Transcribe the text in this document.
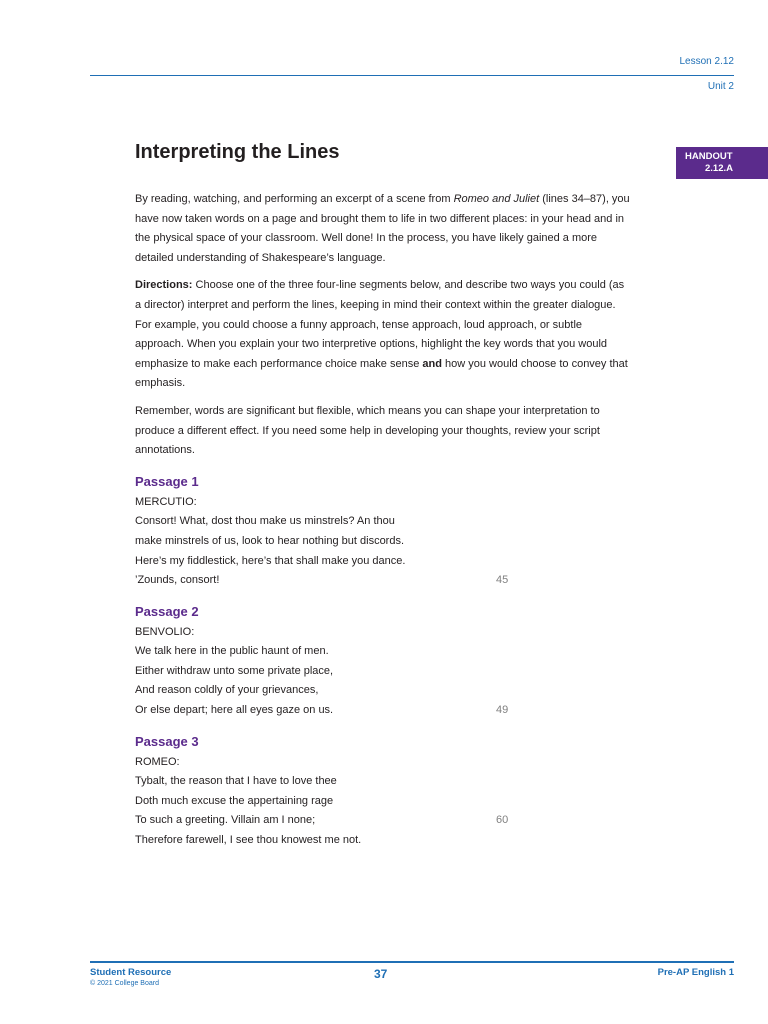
Lesson 2.12
Unit 2
Interpreting the Lines	HANDOUT
2.12.A

By reading, watching, and performing an excerpt of a scene from Romeo and Juliet (lines 34–87), you have now taken words on a page and brought them to life in two different places: in your head and in the physical space of your classroom. Well done! In the process, you have likely gained a more detailed understanding of Shakespeare’s language.

Directions: Choose one of the three four-line segments below, and describe two ways you could (as a director) interpret and perform the lines, keeping in mind their context within the greater dialogue. For example, you could choose a funny approach, tense approach, loud approach, or subtle approach. When you explain your two interpretive options, highlight the key words that you would emphasize to make each performance choice make sense and how you would choose to convey that emphasis.

Remember, words are significant but flexible, which means you can shape your interpretation to produce a different effect. If you need some help in developing your thoughts, review your script annotations.

Passage 1
MERCUTIO:
Consort! What, dost thou make us minstrels? An thou
make minstrels of us, look to hear nothing but discords.
Here’s my fiddlestick, here’s that shall make you dance.
’Zounds, consort!	45
Passage 2
BENVOLIO:
We talk here in the public haunt of men.
Either withdraw unto some private place,
And reason coldly of your grievances,
Or else depart; here all eyes gaze on us.	49
Passage 3
ROMEO:
Tybalt, the reason that I have to love thee
Doth much excuse the appertaining rage
To such a greeting. Villain am I none;	60
Therefore farewell, I see thou knowest me not.
Student Resource
© 2021 College Board
37	Pre-AP English 1
